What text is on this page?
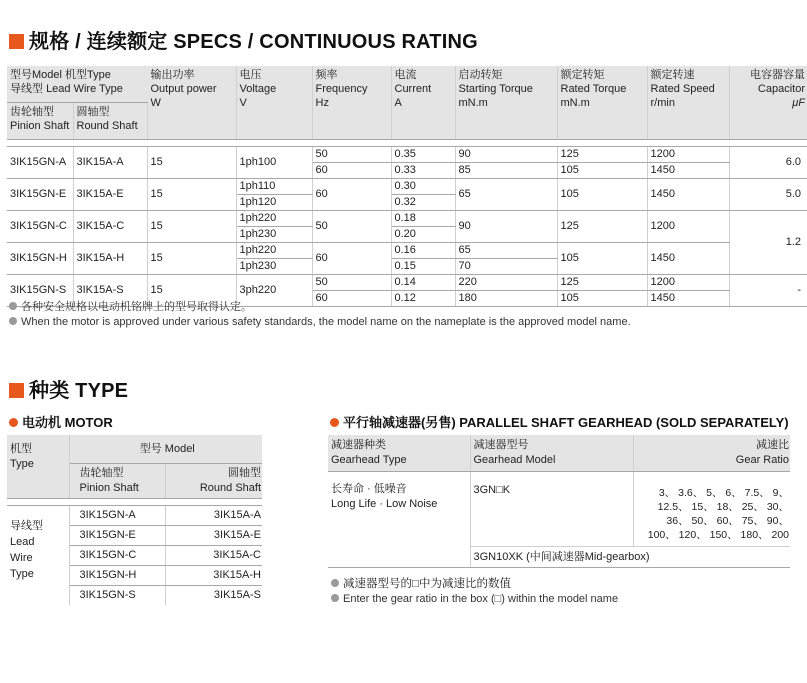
规格 / 连续额定 SPECS / CONTINUOUS RATING
型号Model 机型Type
导线型 Lead Wire Type		输出功率
Output power
W	电压
Voltage
V	频率
Frequency
Hz	电流
Current
A	启动转矩
Starting Torque
mN.m	额定转矩
Rated Torque
mN.m	额定转速
Rated Speed
r/min	电容器容量
Capacitor
μF
齿轮轴型
Pinion Shaft	圆轴型
Round Shaft								

3IK15GN-A	3IK15A-A	15	1ph100	50	0.35	90	125	1200	6.0
				60	0.33	85	105	1450	
3IK15GN-E	3IK15A-E	15	1ph110	60	0.30	65	105	1450	5.0
			1ph120		0.32				
3IK15GN-C	3IK15A-C	15	1ph220	50	0.18	90	125	1200	1.2
			1ph230		0.20				
3IK15GN-H	3IK15A-H	15	1ph220	60	0.16	65	105	1450	
			1ph230		0.15	70			
3IK15GN-S	3IK15A-S	15	3ph220	50	0.14	220	125	1200	-
				60	0.12	180	105	1450	
各种安全规格以电动机铭牌上的型号取得认定。
When the motor is approved under various safety standards, the model name on the nameplate is the approved model name.
种类 TYPE
电动机 MOTOR	平行轴减速器(另售) PARALLEL SHAFT GEARHEAD (SOLD SEPARATELY)
机型
Type	型号 Model	
	齿轮轴型
Pinion Shaft	圆轴型
Round Shaft

导线型
Lead
Wire
Type	3IK15GN-A	3IK15A-A
	3IK15GN-E	3IK15A-E
	3IK15GN-C	3IK15A-C
	3IK15GN-H	3IK15A-H
	3IK15GN-S	3IK15A-S
减速器种类
Gearhead Type	减速器型号
Gearhead Model	减速比
Gear Ratio
长寿命 · 低噪音
Long Life · Low Noise	3GN□K	3、 3.6、 5、 6、 7.5、 9、
12.5、 15、 18、 25、 30、
36、 50、 60、 75、 90、
100、 120、 150、 180、 200
	3GN10XK (中间减速器Mid-gearbox)	
减速器型号的□中为减速比的数值
Enter the gear ratio in the box (□) within the model name
